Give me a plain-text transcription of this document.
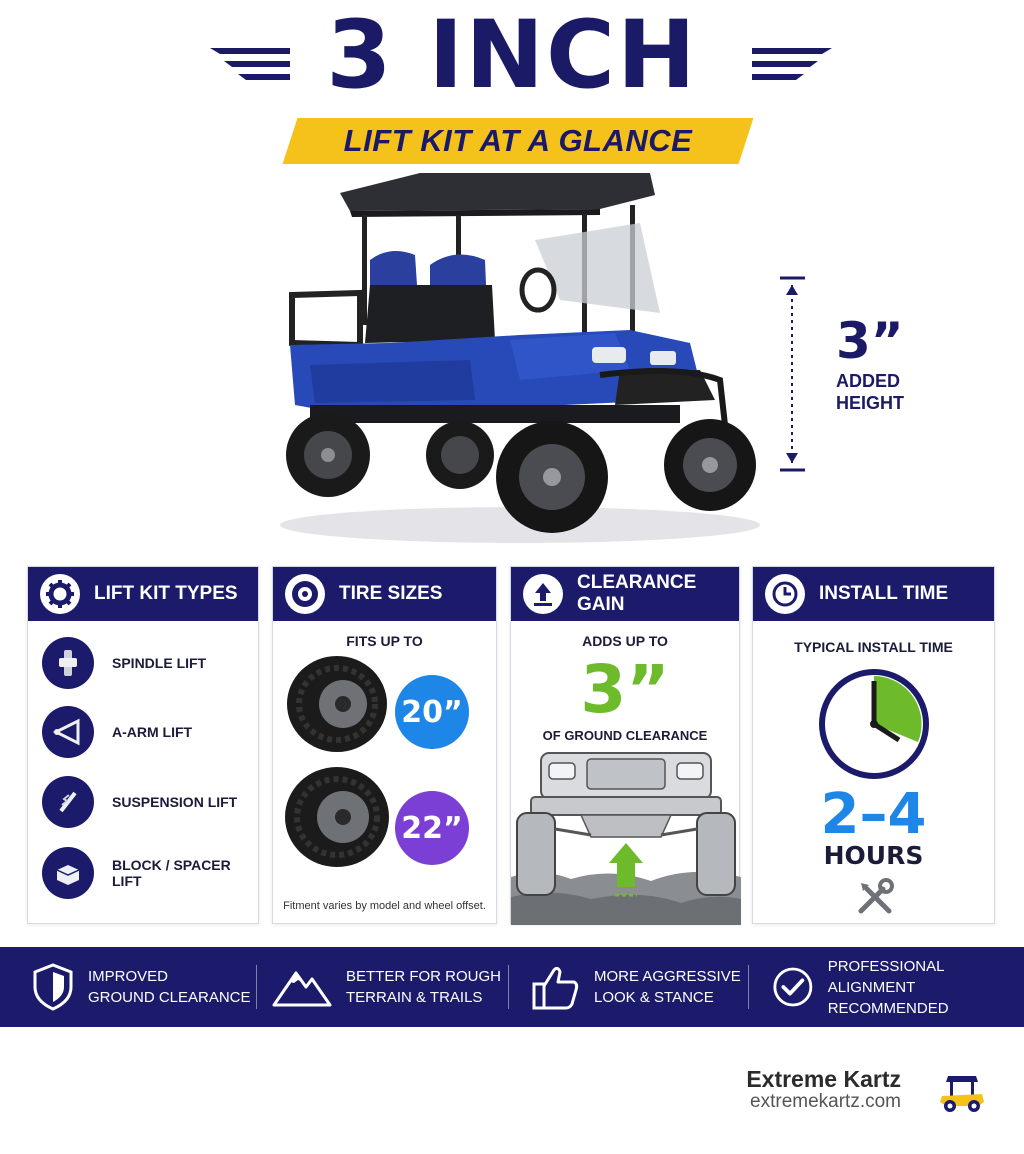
3 INCH
LIFT KIT AT A GLANCE
3”
ADDED
HEIGHT
LIFT KIT TYPES
SPINDLE LIFT
A-ARM LIFT
SUSPENSION LIFT
BLOCK / SPACER LIFT
TIRE SIZES
FITS UP TO
20”
22”
Fitment varies by model and wheel offset.
CLEARANCE GAIN
ADDS UP TO
3”
OF GROUND CLEARANCE
INSTALL TIME
TYPICAL INSTALL TIME
2–4
HOURS
IMPROVED
GROUND CLEARANCE
BETTER FOR ROUGH
TERRAIN & TRAILS
MORE AGGRESSIVE
LOOK & STANCE
PROFESSIONAL ALIGNMENT
RECOMMENDED
Extreme Kartz
extremekartz.com
